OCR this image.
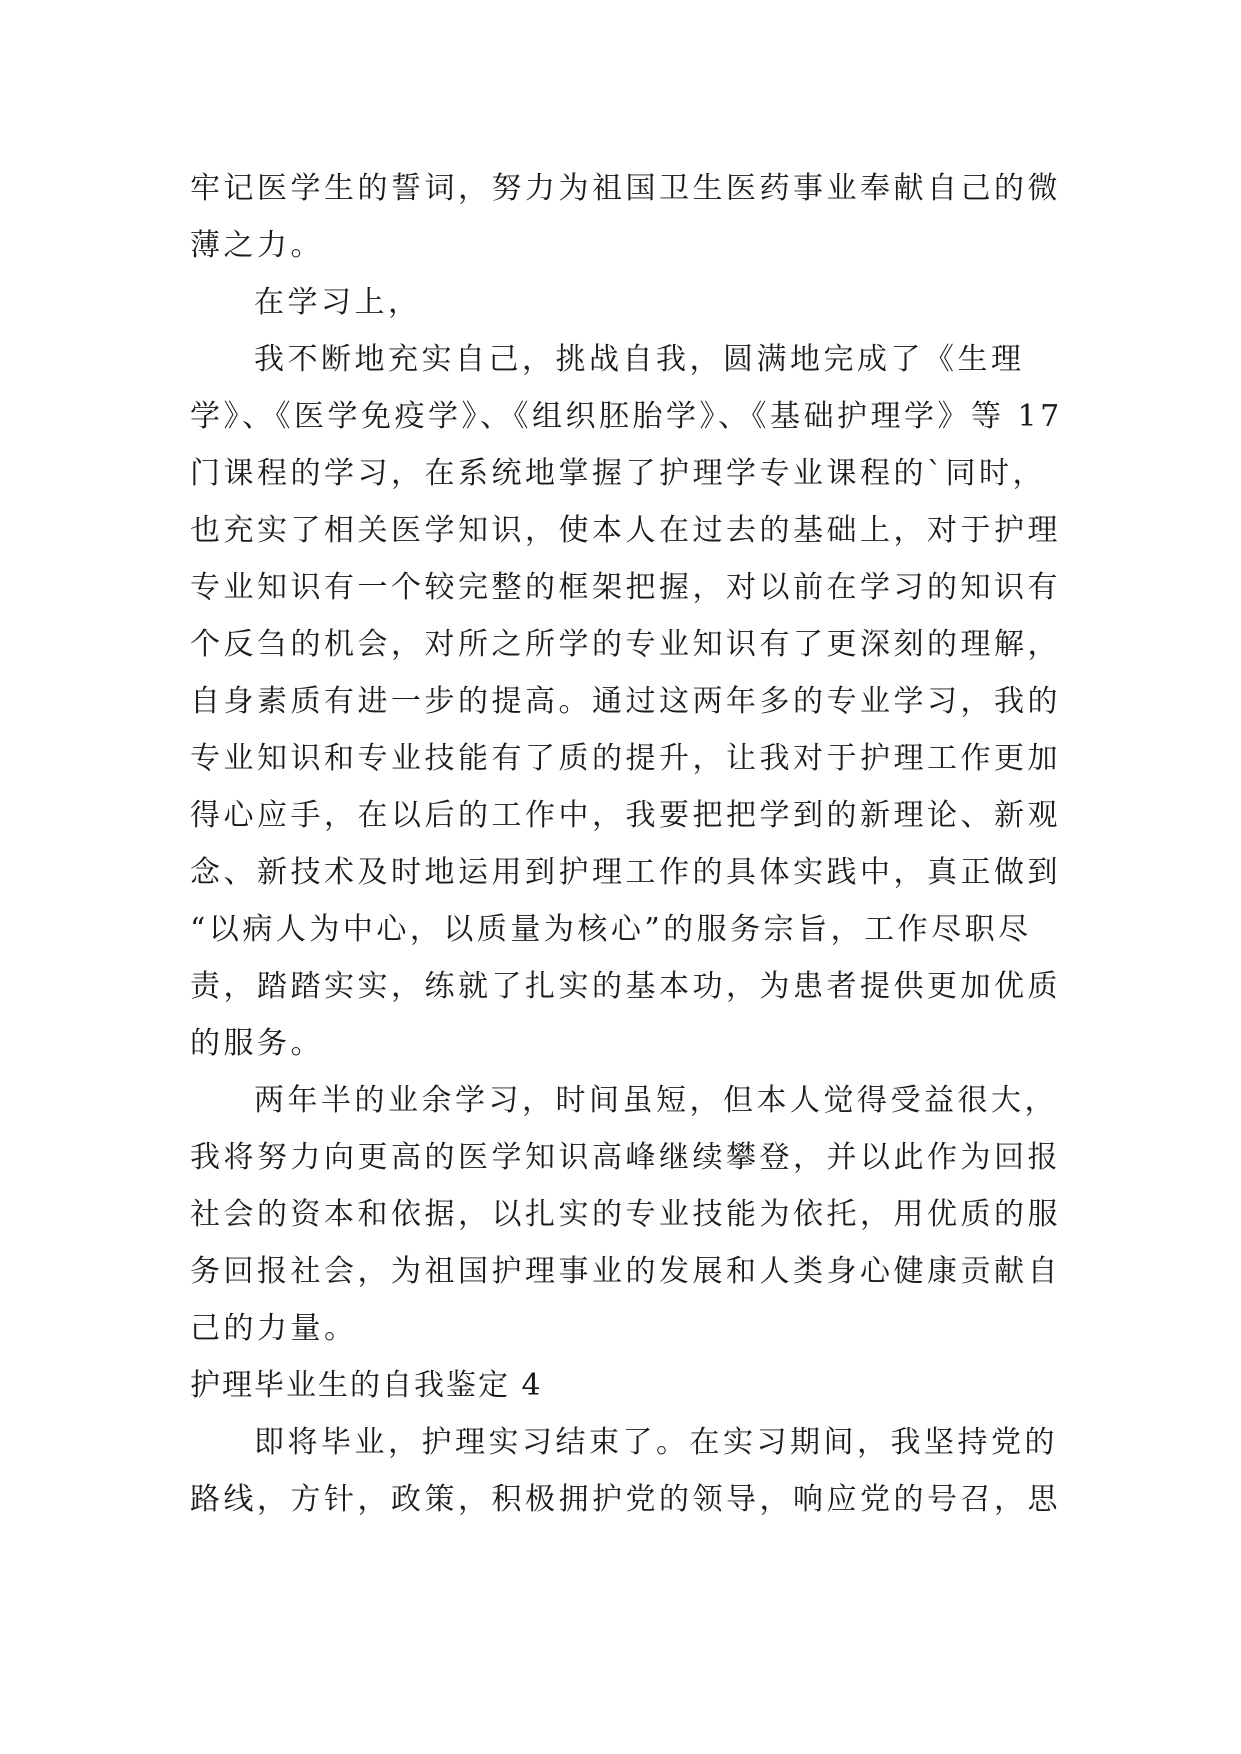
牢记医学生的誓词，努力为祖国卫生医药事业奉献自己的微
薄之力。
在学习上，
我不断地充实自己，挑战自我，圆满地完成了《生理
学》、《医学免疫学》、《组织胚胎学》、《基础护理学》等 17
门课程的学习，在系统地掌握了护理学专业课程的`同时，
也充实了相关医学知识，使本人在过去的基础上，对于护理
专业知识有一个较完整的框架把握，对以前在学习的知识有
个反刍的机会，对所之所学的专业知识有了更深刻的理解，
自身素质有进一步的提高。通过这两年多的专业学习，我的
专业知识和专业技能有了质的提升，让我对于护理工作更加
得心应手，在以后的工作中，我要把把学到的新理论、新观
念、新技术及时地运用到护理工作的具体实践中，真正做到
“以病人为中心，以质量为核心”的服务宗旨，工作尽职尽
责，踏踏实实，练就了扎实的基本功，为患者提供更加优质
的服务。
两年半的业余学习，时间虽短，但本人觉得受益很大，
我将努力向更高的医学知识高峰继续攀登，并以此作为回报
社会的资本和依据，以扎实的专业技能为依托，用优质的服
务回报社会，为祖国护理事业的发展和人类身心健康贡献自
己的力量。
护理毕业生的自我鉴定 4
即将毕业，护理实习结束了。在实习期间，我坚持党的
路线，方针，政策，积极拥护党的领导，响应党的号召，思
